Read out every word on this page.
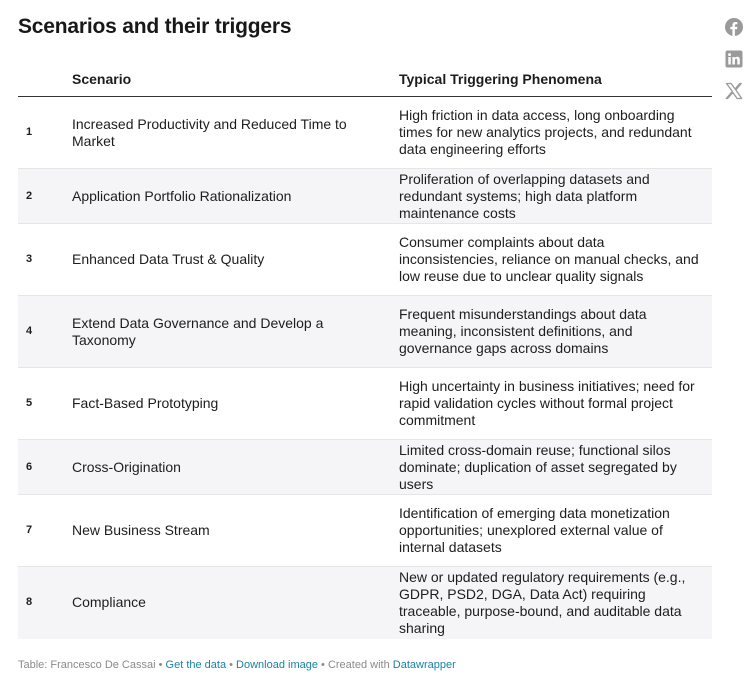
Scenarios and their triggers
	Scenario	Typical Triggering Phenomena
1	Increased Productivity and Reduced Time to Market	High friction in data access, long onboarding times for new analytics projects, and redundant data engineering efforts
2	Application Portfolio Rationalization	Proliferation of overlapping datasets and redundant systems; high data platform maintenance costs
3	Enhanced Data Trust & Quality	Consumer complaints about data inconsistencies, reliance on manual checks, and low reuse due to unclear quality signals
4	Extend Data Governance and Develop a Taxonomy	Frequent misunderstandings about data meaning, inconsistent definitions, and governance gaps across domains
5	Fact-Based Prototyping	High uncertainty in business initiatives; need for rapid validation cycles without formal project commitment
6	Cross-Origination	Limited cross-domain reuse; functional silos dominate; duplication of asset segregated by users
7	New Business Stream	Identification of emerging data monetization opportunities; unexplored external value of internal datasets
8	Compliance	New or updated regulatory requirements (e.g., GDPR, PSD2, DGA, Data Act) requiring traceable, purpose-bound, and auditable data sharing
Table: Francesco De Cassai • Get the data • Download image • Created with Datawrapper
